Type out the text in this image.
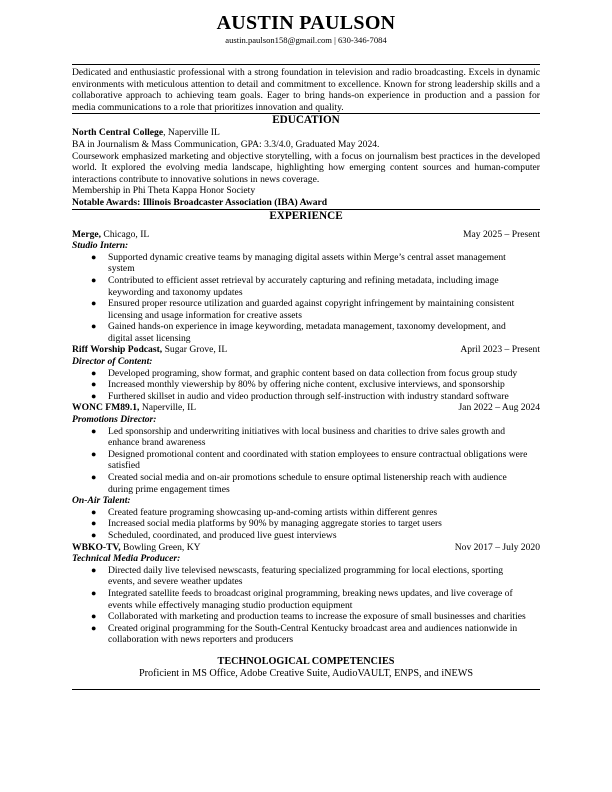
AUSTIN PAULSON
austin.paulson158@gmail.com | 630-346-7084
Dedicated and enthusiastic professional with a strong foundation in television and radio broadcasting. Excels in dynamic environments with meticulous attention to detail and commitment to excellence. Known for strong leadership skills and a collaborative approach to achieving team goals. Eager to bring hands-on experience in production and a passion for media communications to a role that prioritizes innovation and quality.
EDUCATION
North Central College, Naperville IL
BA in Journalism & Mass Communication, GPA: 3.3/4.0, Graduated May 2024.
Coursework emphasized marketing and objective storytelling, with a focus on journalism best practices in the developed world. It explored the evolving media landscape, highlighting how emerging content sources and human-computer interactions contribute to innovative solutions in news coverage.
Membership in Phi Theta Kappa Honor Society
Notable Awards: Illinois Broadcaster Association (IBA) Award
EXPERIENCE
Merge, Chicago, IL	May 2025 – Present
Studio Intern:
● Supported dynamic creative teams by managing digital assets within Merge’s central asset management system
● Contributed to efficient asset retrieval by accurately capturing and refining metadata, including image keywording and taxonomy updates
● Ensured proper resource utilization and guarded against copyright infringement by maintaining consistent licensing and usage information for creative assets
● Gained hands-on experience in image keywording, metadata management, taxonomy development, and digital asset licensing
Riff Worship Podcast, Sugar Grove, IL	April 2023 – Present
Director of Content:
● Developed programing, show format, and graphic content based on data collection from focus group study
● Increased monthly viewership by 80% by offering niche content, exclusive interviews, and sponsorship
● Furthered skillset in audio and video production through self-instruction with industry standard software
WONC FM89.1, Naperville, IL	Jan 2022 – Aug 2024
Promotions Director:
● Led sponsorship and underwriting initiatives with local business and charities to drive sales growth and enhance brand awareness
● Designed promotional content and coordinated with station employees to ensure contractual obligations were satisfied
● Created social media and on-air promotions schedule to ensure optimal listenership reach with audience during prime engagement times
On-Air Talent:
● Created feature programing showcasing up-and-coming artists within different genres
● Increased social media platforms by 90% by managing aggregate stories to target users
● Scheduled, coordinated, and produced live guest interviews
WBKO-TV, Bowling Green, KY	Nov 2017 – July 2020
Technical Media Producer:
● Directed daily live televised newscasts, featuring specialized programming for local elections, sporting events, and severe weather updates
● Integrated satellite feeds to broadcast original programming, breaking news updates, and live coverage of events while effectively managing studio production equipment
● Collaborated with marketing and production teams to increase the exposure of small businesses and charities
● Created original programming for the South-Central Kentucky broadcast area and audiences nationwide in collaboration with news reporters and producers
TECHNOLOGICAL COMPETENCIES
Proficient in MS Office, Adobe Creative Suite, AudioVAULT, ENPS, and iNEWS
